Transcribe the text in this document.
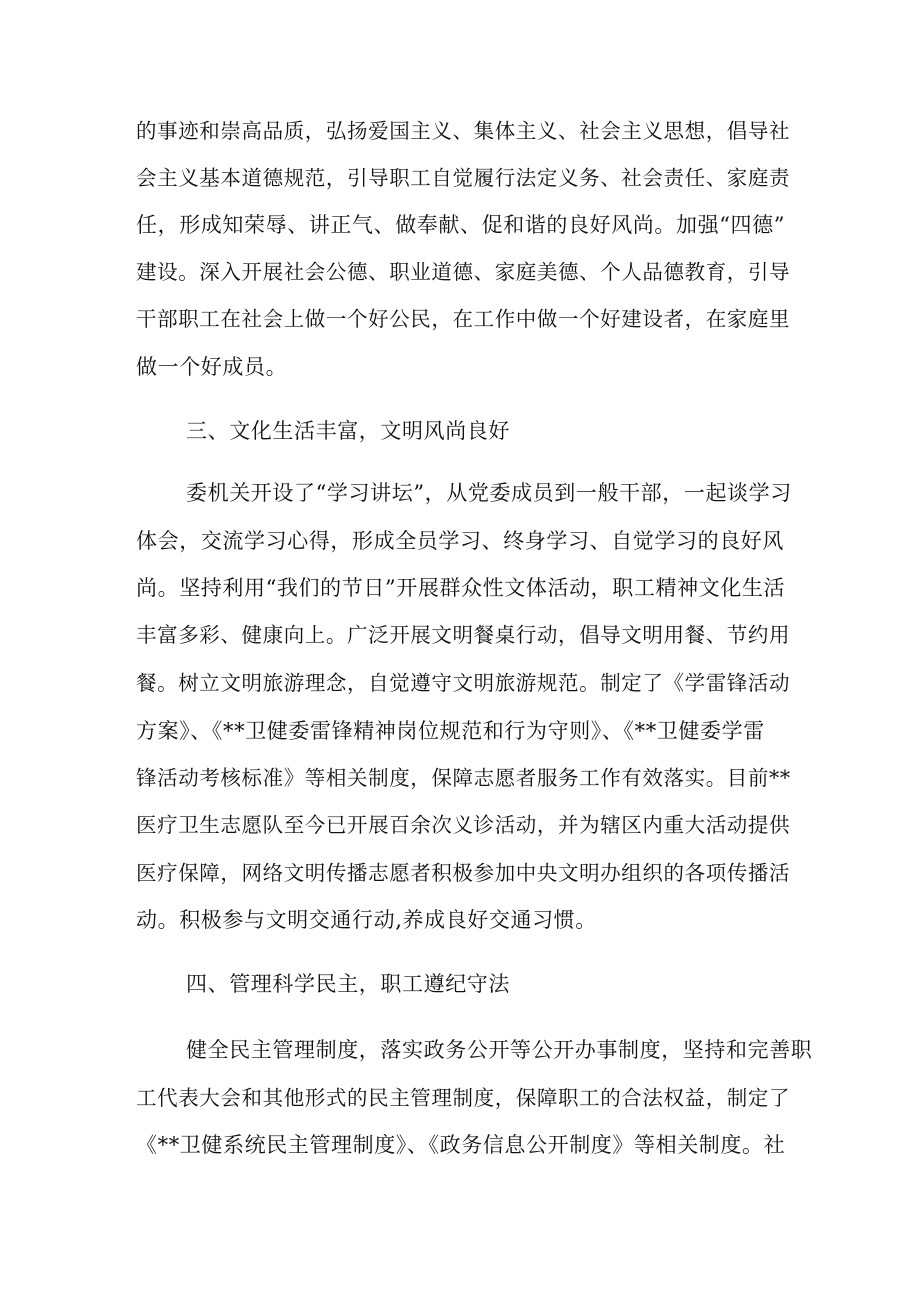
的事迹和崇高品质，弘扬爱国主义、集体主义、社会主义思想，倡导社
会主义基本道德规范，引导职工自觉履行法定义务、社会责任、家庭责
任，形成知荣辱、讲正气、做奉献、促和谐的良好风尚。加强“四德”
建设。深入开展社会公德、职业道德、家庭美德、个人品德教育，引导
干部职工在社会上做一个好公民，在工作中做一个好建设者，在家庭里
做一个好成员。
三、文化生活丰富，文明风尚良好
委机关开设了“学习讲坛”，从党委成员到一般干部，一起谈学习
体会，交流学习心得，形成全员学习、终身学习、自觉学习的良好风
尚。坚持利用“我们的节日”开展群众性文体活动，职工精神文化生活
丰富多彩、健康向上。广泛开展文明餐桌行动，倡导文明用餐、节约用
餐。树立文明旅游理念，自觉遵守文明旅游规范。制定了《学雷锋活动
方案》、《**卫健委雷锋精神岗位规范和行为守则》、《**卫健委学雷
锋活动考核标准》等相关制度，保障志愿者服务工作有效落实。目前**
医疗卫生志愿队至今已开展百余次义诊活动，并为辖区内重大活动提供
医疗保障，网络文明传播志愿者积极参加中央文明办组织的各项传播活
动。积极参与文明交通行动,养成良好交通习惯。
四、管理科学民主，职工遵纪守法
健全民主管理制度，落实政务公开等公开办事制度，坚持和完善职
工代表大会和其他形式的民主管理制度，保障职工的合法权益，制定了
《**卫健系统民主管理制度》、《政务信息公开制度》等相关制度。社
